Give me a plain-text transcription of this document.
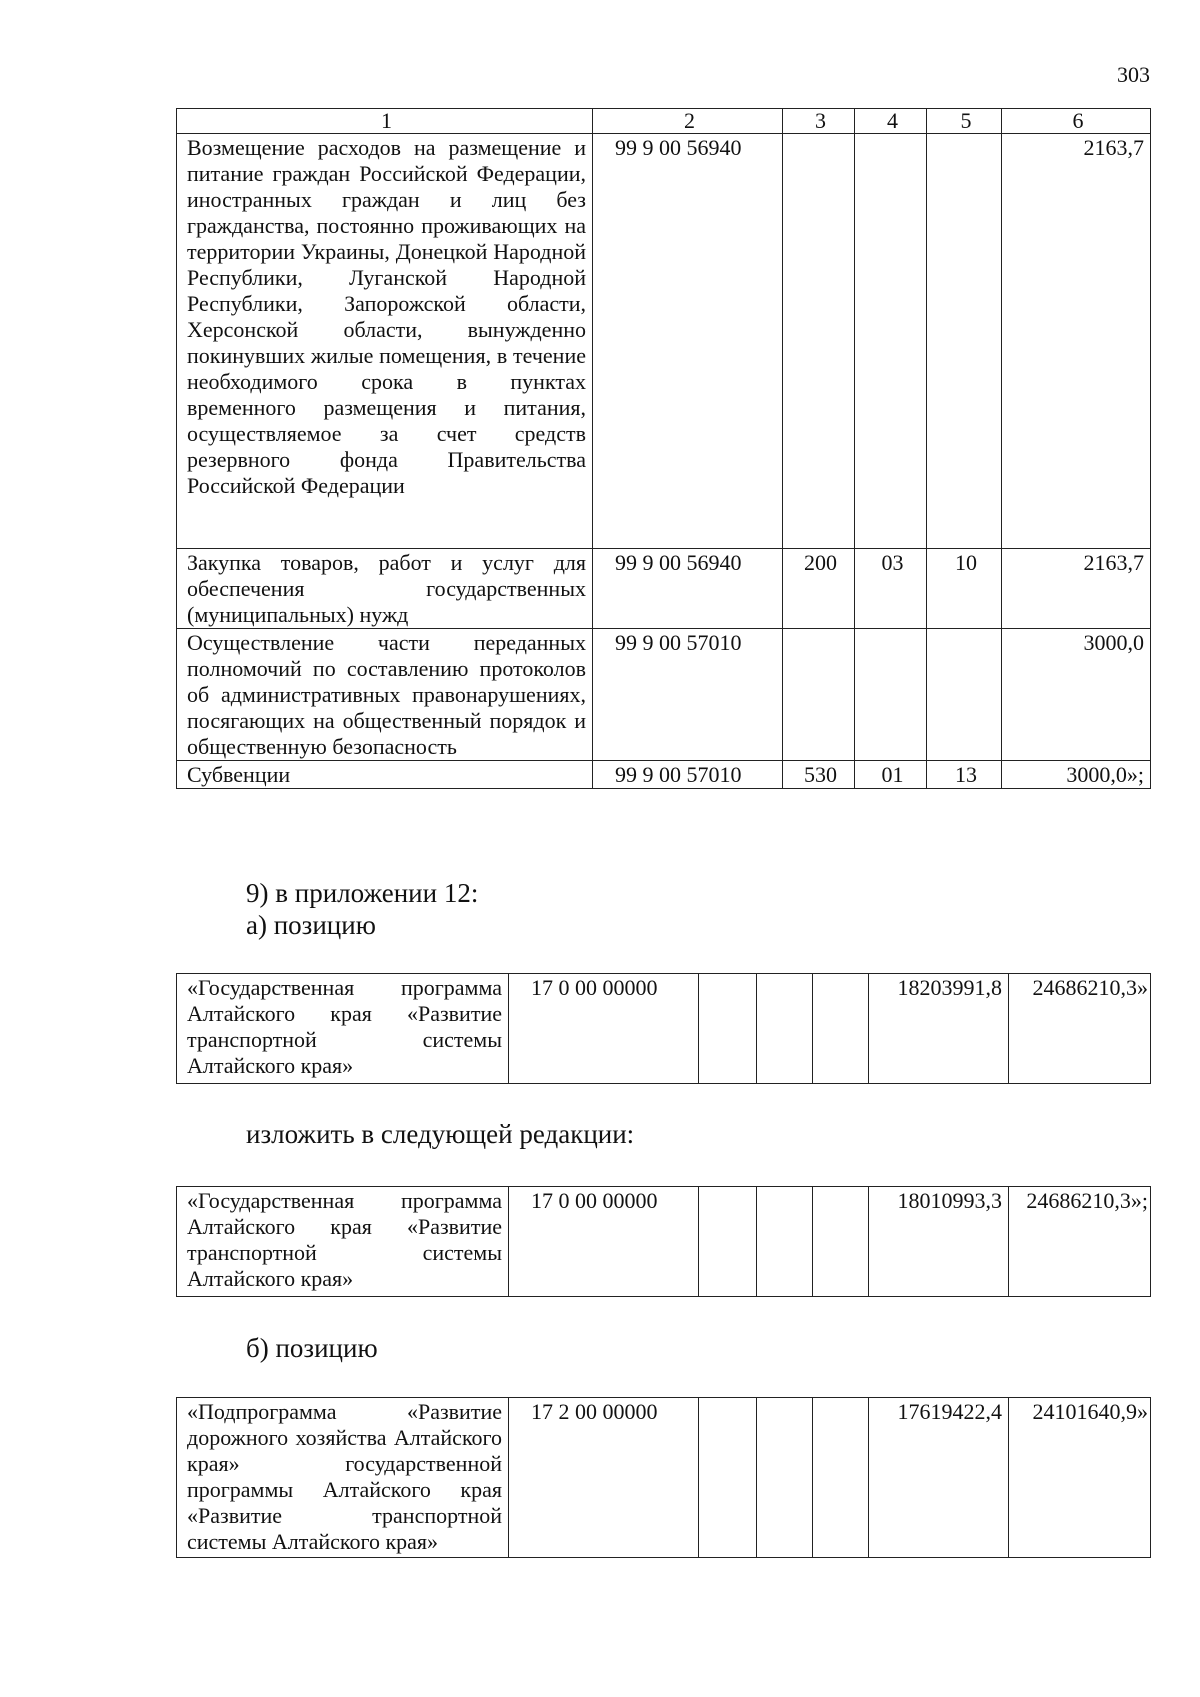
303
1	2	3	4	5	6
Возмещение расходов на размещение и питание граждан Российской Федерации, иностранных граждан и лиц без гражданства, постоянно проживающих на территории Украины, Донецкой Народной Республики, Луганской Народной Республики, Запорожской области, Херсонской области, вынужденно покинувших жилые помещения, в течение необходимого срока в пунктах временного размещения и питания, осуществляемое за счет средств резервного фонда Правительства Российской Федерации	99 9 00 56940				2163,7
Закупка товаров, работ и услуг для обеспечения государственных (муниципальных) нужд	99 9 00 56940	200	03	10	2163,7
Осуществление части переданных полномочий по составлению протоколов об административных правонарушениях, посягающих на общественный порядок и общественную безопасность	99 9 00 57010				3000,0
Субвенции	99 9 00 57010	530	01	13	3000,0»;
9) в приложении 12:
а) позицию
«Государственная программа Алтайского края «Развитие транспортной системы Алтайского края»	17 0 00 00000				18203991,8	24686210,3»
изложить в следующей редакции:
«Государственная программа Алтайского края «Развитие транспортной системы Алтайского края»	17 0 00 00000				18010993,3	24686210,3»;
б) позицию
«Подпрограмма «Развитие дорожного хозяйства Алтайского края» государственной программы Алтайского края «Развитие транспортной системы Алтайского края»	17 2 00 00000				17619422,4	24101640,9»
